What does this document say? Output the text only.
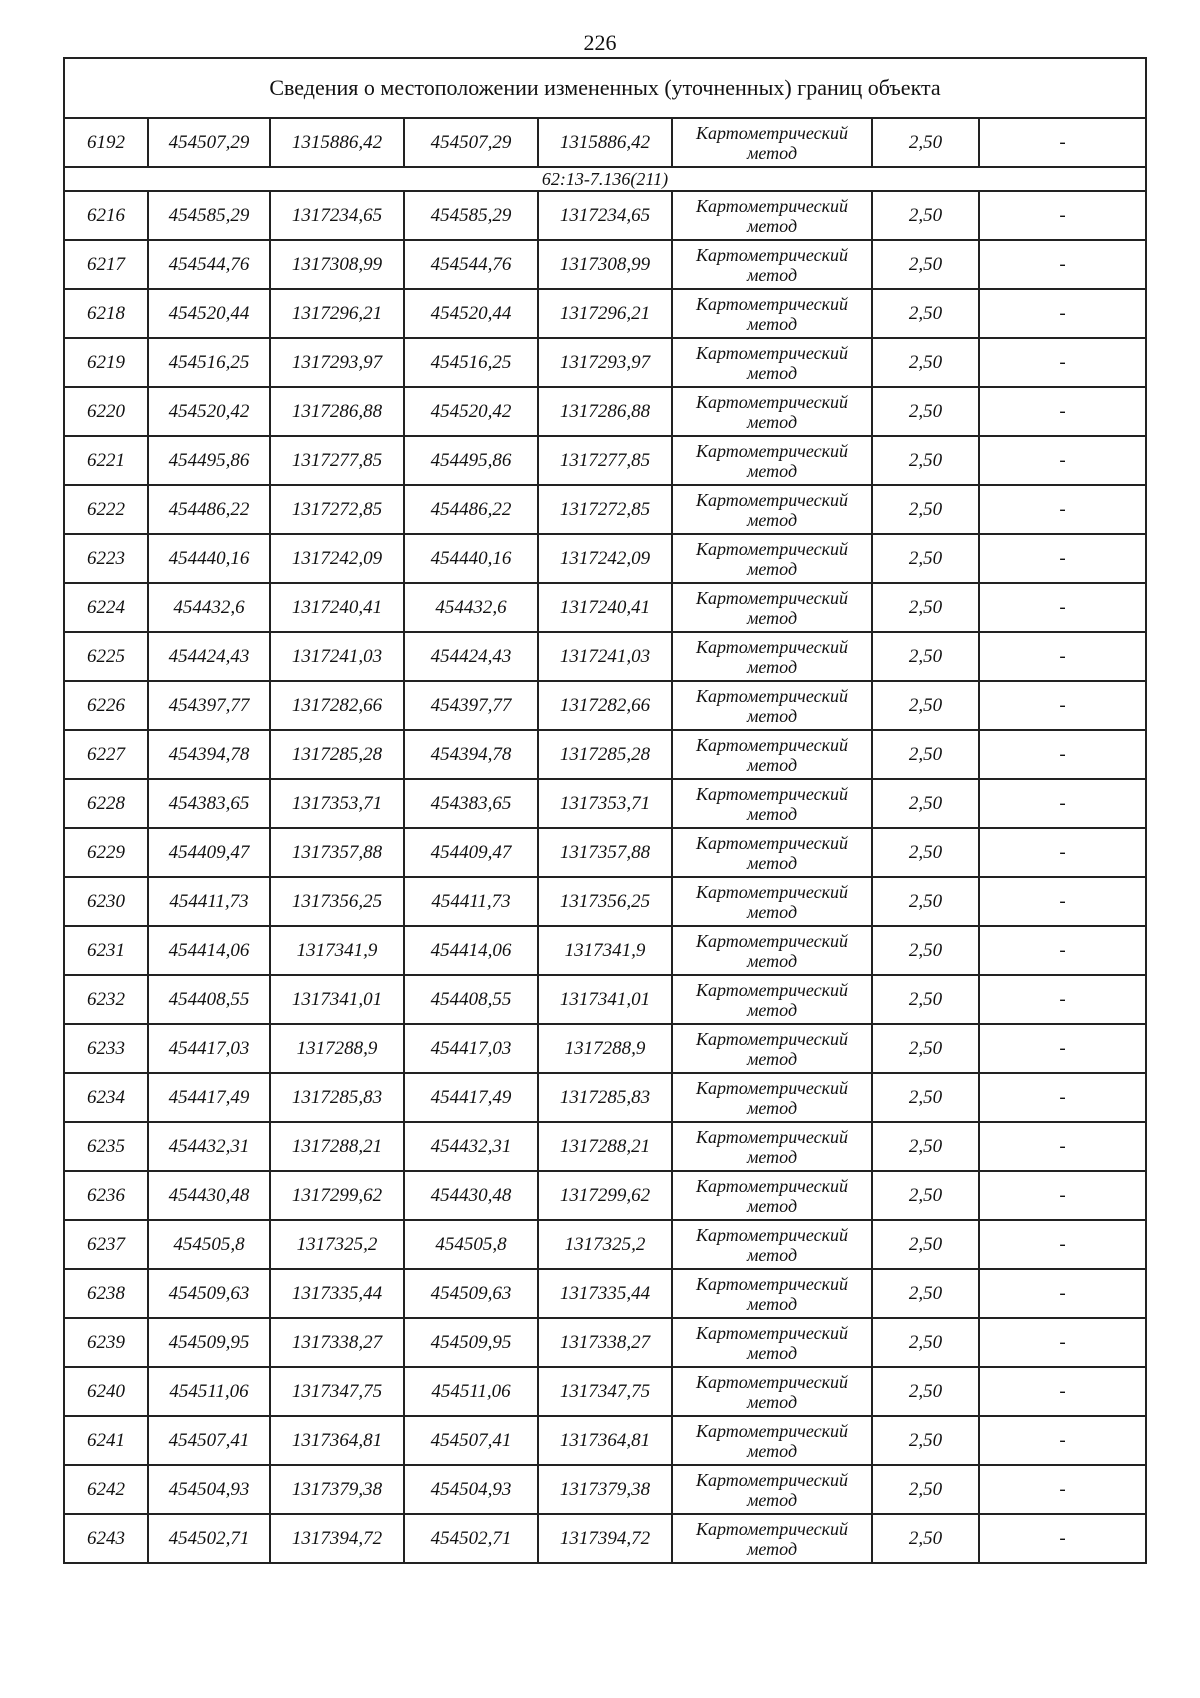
226
Сведения о местоположении измененных (уточненных) границ объекта							
6192	454507,29	1315886,42	454507,29	1315886,42	Картометрический метод	2,50	-
62:13-7.136(211)							
6216	454585,29	1317234,65	454585,29	1317234,65	Картометрический метод	2,50	-
6217	454544,76	1317308,99	454544,76	1317308,99	Картометрический метод	2,50	-
6218	454520,44	1317296,21	454520,44	1317296,21	Картометрический метод	2,50	-
6219	454516,25	1317293,97	454516,25	1317293,97	Картометрический метод	2,50	-
6220	454520,42	1317286,88	454520,42	1317286,88	Картометрический метод	2,50	-
6221	454495,86	1317277,85	454495,86	1317277,85	Картометрический метод	2,50	-
6222	454486,22	1317272,85	454486,22	1317272,85	Картометрический метод	2,50	-
6223	454440,16	1317242,09	454440,16	1317242,09	Картометрический метод	2,50	-
6224	454432,6	1317240,41	454432,6	1317240,41	Картометрический метод	2,50	-
6225	454424,43	1317241,03	454424,43	1317241,03	Картометрический метод	2,50	-
6226	454397,77	1317282,66	454397,77	1317282,66	Картометрический метод	2,50	-
6227	454394,78	1317285,28	454394,78	1317285,28	Картометрический метод	2,50	-
6228	454383,65	1317353,71	454383,65	1317353,71	Картометрический метод	2,50	-
6229	454409,47	1317357,88	454409,47	1317357,88	Картометрический метод	2,50	-
6230	454411,73	1317356,25	454411,73	1317356,25	Картометрический метод	2,50	-
6231	454414,06	1317341,9	454414,06	1317341,9	Картометрический метод	2,50	-
6232	454408,55	1317341,01	454408,55	1317341,01	Картометрический метод	2,50	-
6233	454417,03	1317288,9	454417,03	1317288,9	Картометрический метод	2,50	-
6234	454417,49	1317285,83	454417,49	1317285,83	Картометрический метод	2,50	-
6235	454432,31	1317288,21	454432,31	1317288,21	Картометрический метод	2,50	-
6236	454430,48	1317299,62	454430,48	1317299,62	Картометрический метод	2,50	-
6237	454505,8	1317325,2	454505,8	1317325,2	Картометрический метод	2,50	-
6238	454509,63	1317335,44	454509,63	1317335,44	Картометрический метод	2,50	-
6239	454509,95	1317338,27	454509,95	1317338,27	Картометрический метод	2,50	-
6240	454511,06	1317347,75	454511,06	1317347,75	Картометрический метод	2,50	-
6241	454507,41	1317364,81	454507,41	1317364,81	Картометрический метод	2,50	-
6242	454504,93	1317379,38	454504,93	1317379,38	Картометрический метод	2,50	-
6243	454502,71	1317394,72	454502,71	1317394,72	Картометрический метод	2,50	-
